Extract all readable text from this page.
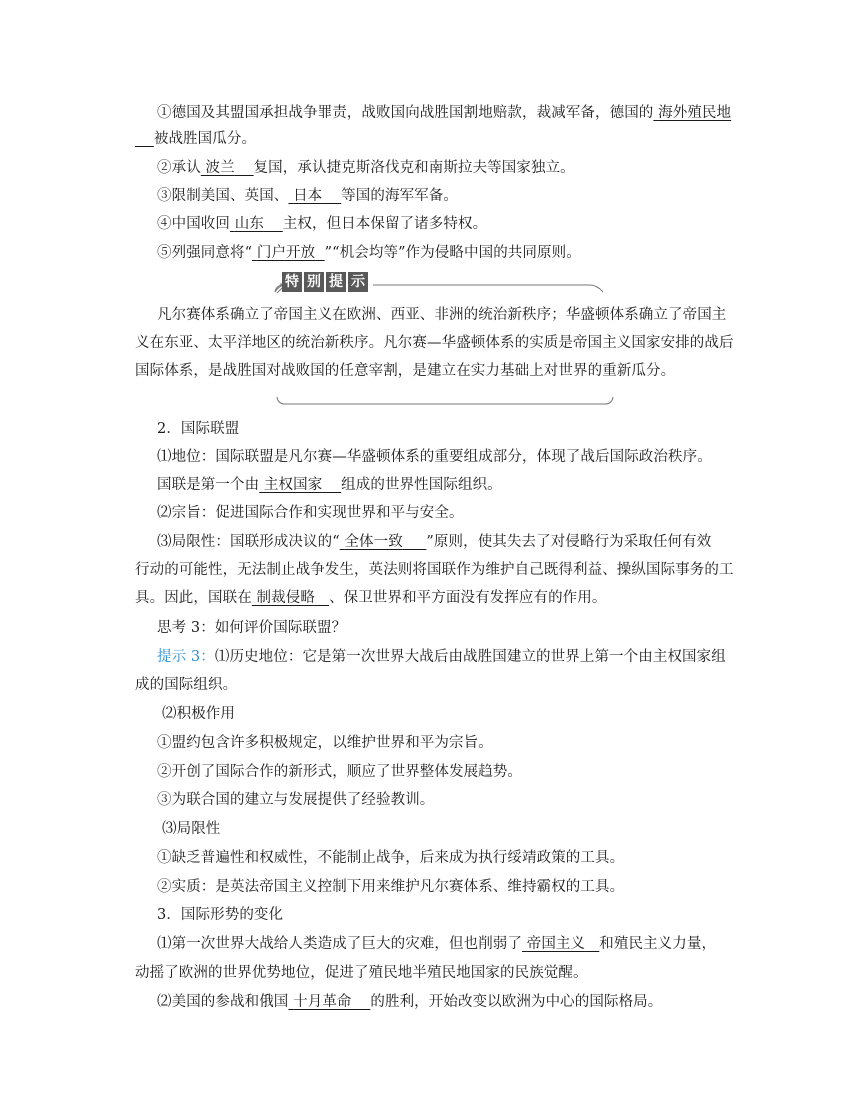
①德国及其盟国承担战争罪责，战败国向战胜国割地赔款，裁减军备，德国的 海外殖民地
被战胜国瓜分。
②承认 波兰 复国，承认捷克斯洛伐克和南斯拉夫等国家独立。
③限制美国、英国、 日本 等国的海军军备。
④中国收回 山东 主权，但日本保留了诸多特权。
⑤列强同意将“ 门户开放 ”“机会均等”作为侵略中国的共同原则。
特 别 提 示
凡尔赛体系确立了帝国主义在欧洲、西亚、非洲的统治新秩序；华盛顿体系确立了帝国主
义在东亚、太平洋地区的统治新秩序。凡尔赛—华盛顿体系的实质是帝国主义国家安排的战后
国际体系，是战胜国对战败国的任意宰割，是建立在实力基础上对世界的重新瓜分。
2．国际联盟
⑴地位：国际联盟是凡尔赛—华盛顿体系的重要组成部分，体现了战后国际政治秩序。
国联是第一个由 主权国家 组成的世界性国际组织。
⑵宗旨：促进国际合作和实现世界和平与安全。
⑶局限性：国联形成决议的“ 全体一致 ”原则，使其失去了对侵略行为采取任何有效
行动的可能性，无法制止战争发生，英法则将国联作为维护自己既得利益、操纵国际事务的工
具。因此，国联在 制裁侵略 、保卫世界和平方面没有发挥应有的作用。
思考 3：如何评价国际联盟？
提示 3：⑴历史地位：它是第一次世界大战后由战胜国建立的世界上第一个由主权国家组
成的国际组织。
⑵积极作用
①盟约包含许多积极规定，以维护世界和平为宗旨。
②开创了国际合作的新形式，顺应了世界整体发展趋势。
③为联合国的建立与发展提供了经验教训。
⑶局限性
①缺乏普遍性和权威性，不能制止战争，后来成为执行绥靖政策的工具。
②实质：是英法帝国主义控制下用来维护凡尔赛体系、维持霸权的工具。
3．国际形势的变化
⑴第一次世界大战给人类造成了巨大的灾难，但也削弱了 帝国主义 和殖民主义力量，
动摇了欧洲的世界优势地位，促进了殖民地半殖民地国家的民族觉醒。
⑵美国的参战和俄国 十月革命 的胜利，开始改变以欧洲为中心的国际格局。
